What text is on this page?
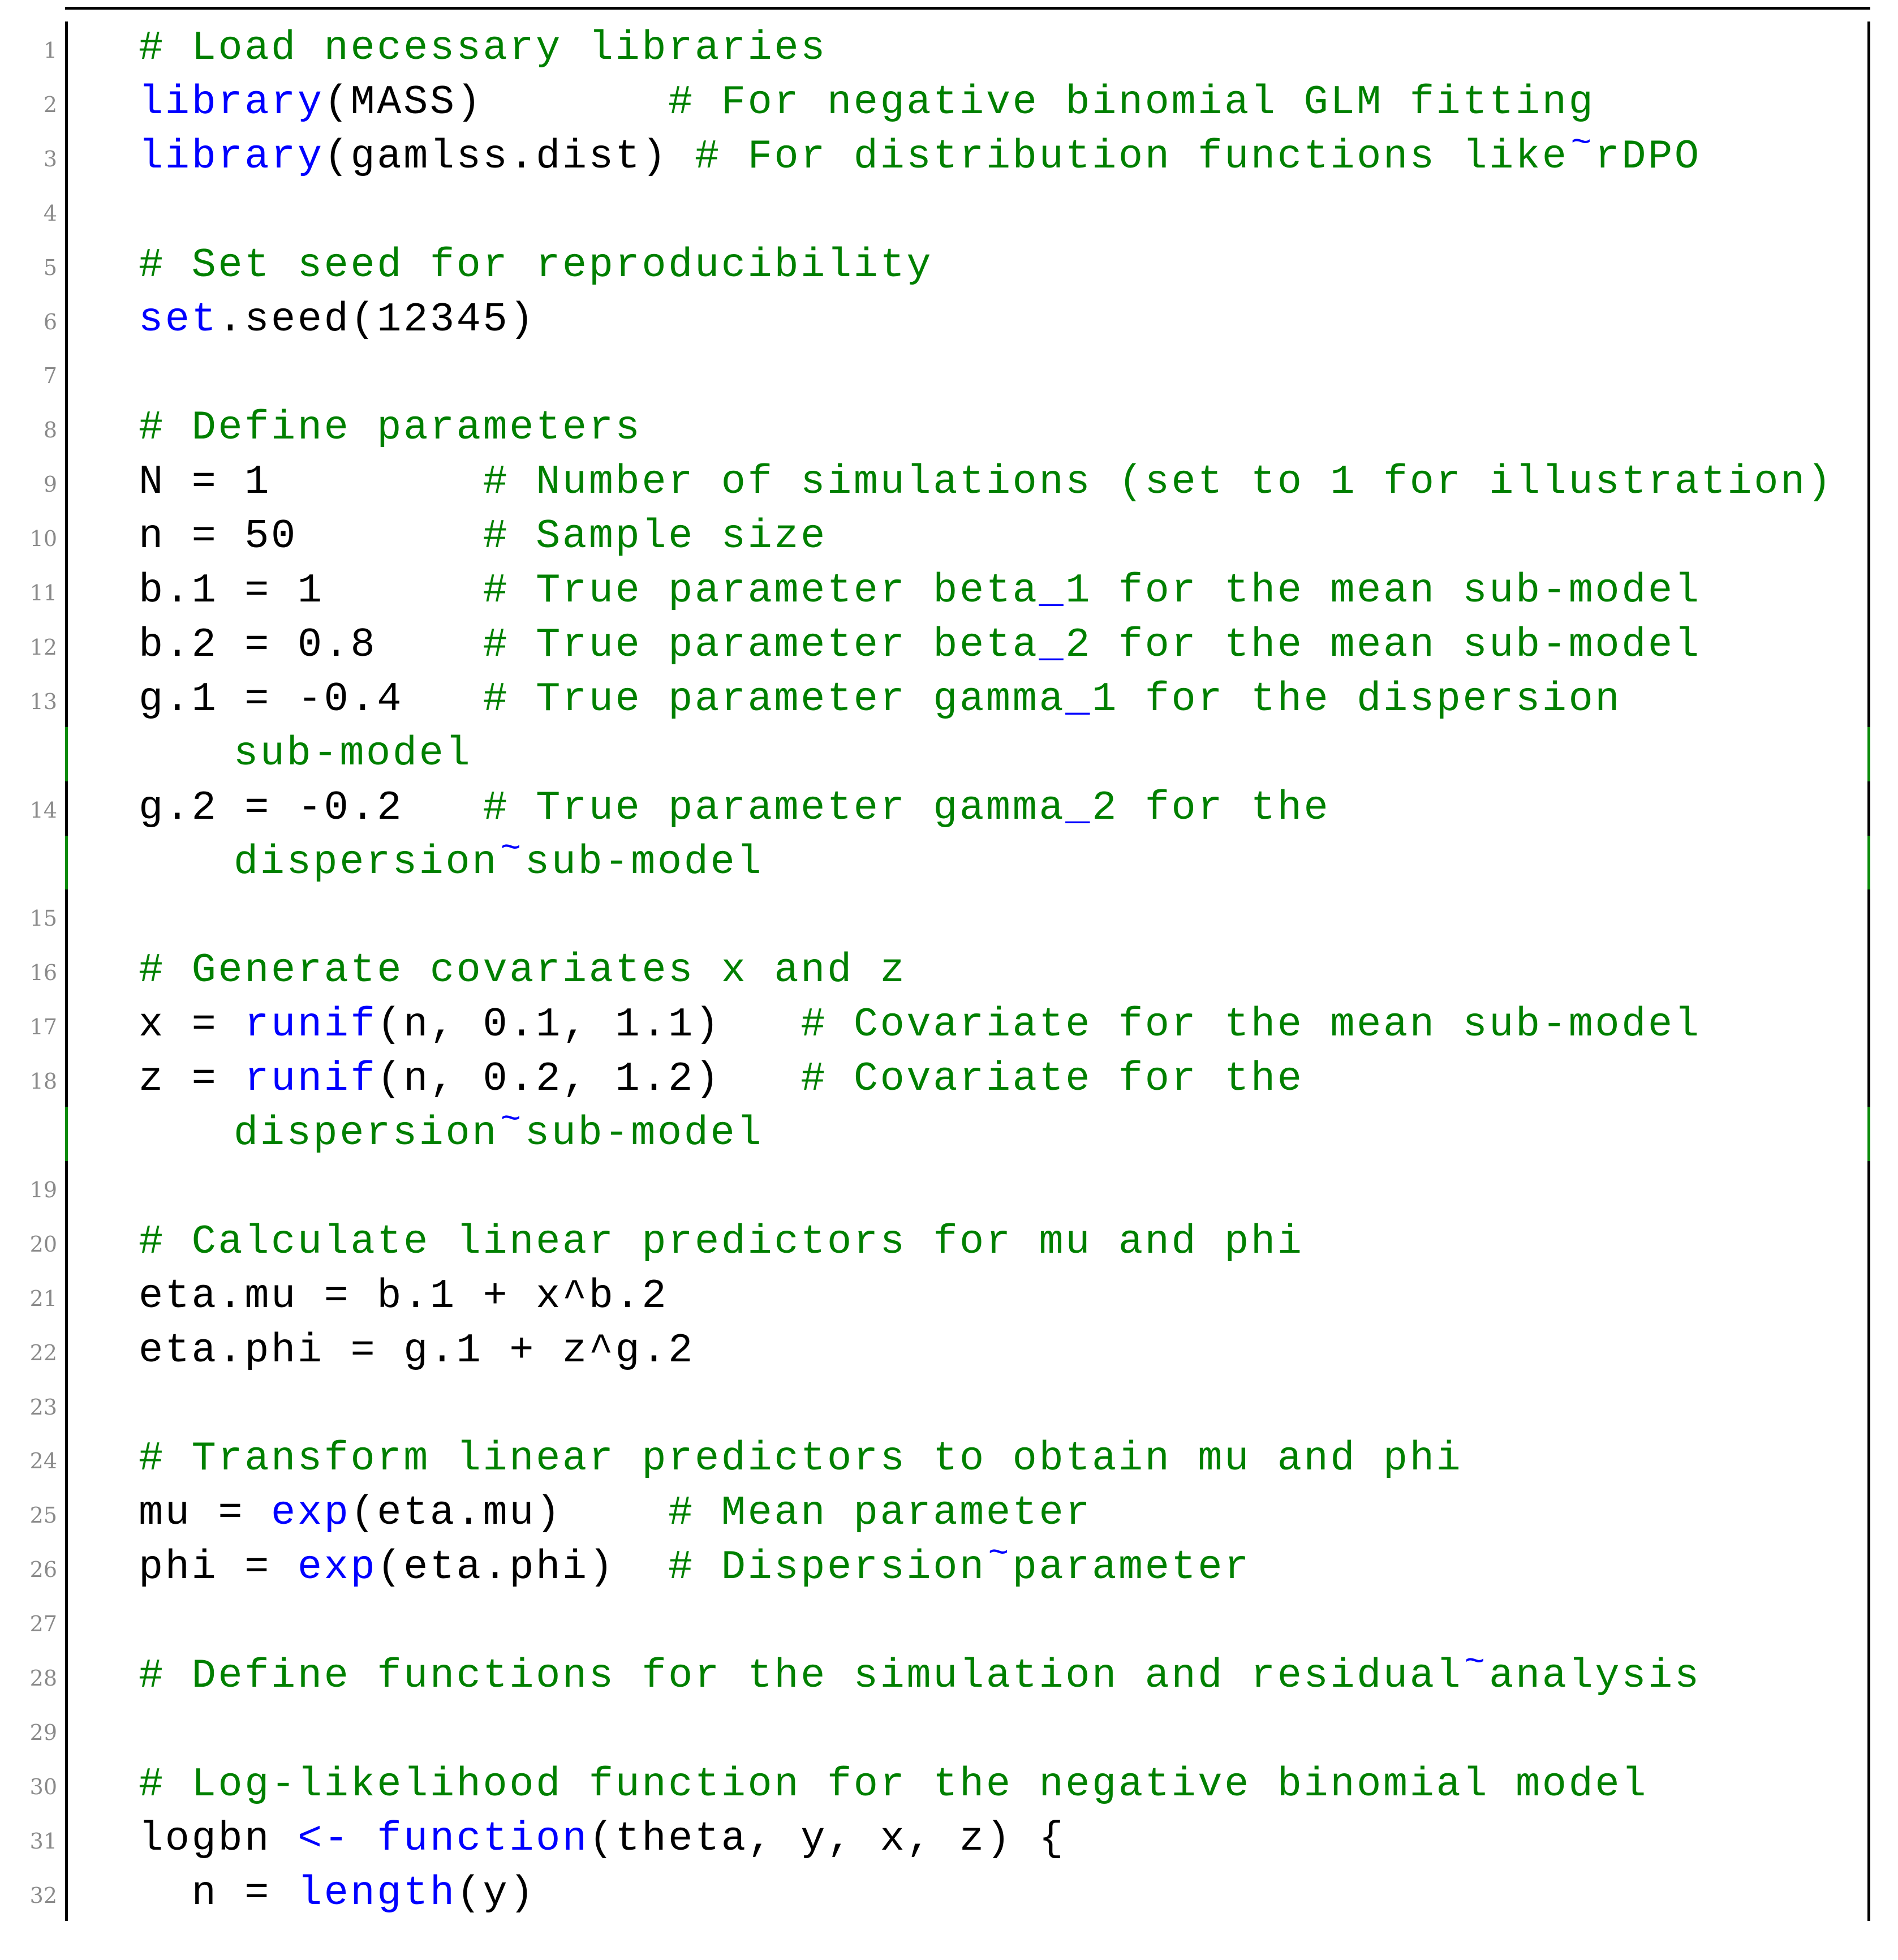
1 # Load necessary libraries
2 library(MASS)       # For negative binomial GLM fitting
3 library(gamlss.dist) # For distribution functions like~rDPO
4
5 # Set seed for reproducibility
6 set.seed(12345)
7
8 # Define parameters
9 N = 1        # Number of simulations (set to 1 for illustration)
10 n = 50       # Sample size
11 b.1 = 1      # True parameter beta_1 for the mean sub-model
12 b.2 = 0.8    # True parameter beta_2 for the mean sub-model
13 g.1 = -0.4   # True parameter gamma_1 for the dispersion
sub-model
14 g.2 = -0.2   # True parameter gamma_2 for the
dispersion~sub-model
15
16 # Generate covariates x and z
17 x = runif(n, 0.1, 1.1)   # Covariate for the mean sub-model
18 z = runif(n, 0.2, 1.2)   # Covariate for the
dispersion~sub-model
19
20 # Calculate linear predictors for mu and phi
21 eta.mu = b.1 + x^b.2
22 eta.phi = g.1 + z^g.2
23
24 # Transform linear predictors to obtain mu and phi
25 mu = exp(eta.mu)    # Mean parameter
26 phi = exp(eta.phi)  # Dispersion~parameter
27
28 # Define functions for the simulation and residual~analysis
29
30 # Log-likelihood function for the negative binomial model
31 logbn <- function(theta, y, x, z) {
32 n = length(y)
